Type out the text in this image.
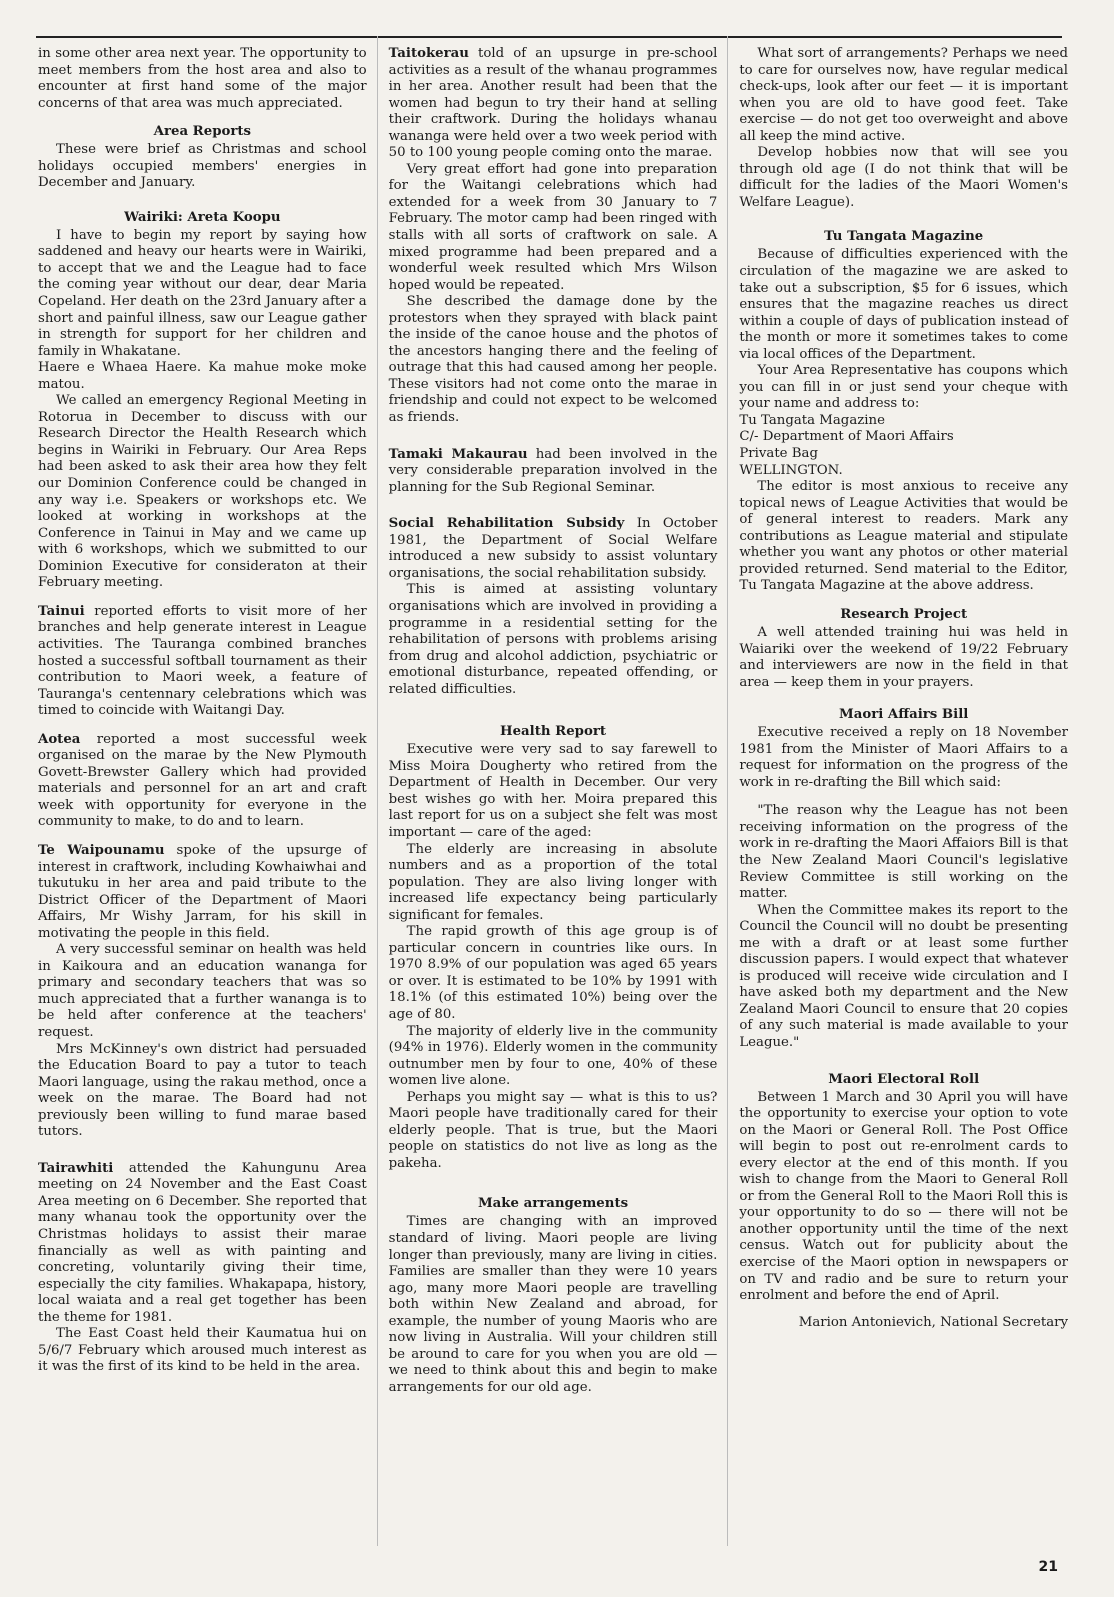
in some other area next year. The opportunity to meet members from the host area and also to encounter at first hand some of the major concerns of that area was much appreciated.

Area Reports

These were brief as Christmas and school holidays occupied members' energies in December and January.

Wairiki: Areta Koopu

I have to begin my report by saying how saddened and heavy our hearts were in Wairiki, to accept that we and the League had to face the coming year without our dear, dear Maria Copeland. Her death on the 23rd January after a short and painful illness, saw our League gather in strength for support for her children and family in Whakatane.

Haere e Whaea Haere. Ka mahue moke moke matou.

We called an emergency Regional Meeting in Rotorua in December to discuss with our Research Director the Health Research which begins in Wairiki in February. Our Area Reps had been asked to ask their area how they felt our Dominion Conference could be changed in any way i.e. Speakers or workshops etc. We looked at working in workshops at the Conference in Tainui in May and we came up with 6 workshops, which we submitted to our Dominion Executive for consideraton at their February meeting.

Tainui reported efforts to visit more of her branches and help generate interest in League activities. The Tauranga combined branches hosted a successful softball tournament as their contribution to Maori week, a feature of Tauranga's centennary celebrations which was timed to coincide with Waitangi Day.

Aotea reported a most successful week organised on the marae by the New Plymouth Govett-Brewster Gallery which had provided materials and personnel for an art and craft week with opportunity for everyone in the community to make, to do and to learn.

Te Waipounamu spoke of the upsurge of interest in craftwork, including Kowhaiwhai and tukutuku in her area and paid tribute to the District Officer of the Department of Maori Affairs, Mr Wishy Jarram, for his skill in motivating the people in this field.

A very successful seminar on health was held in Kaikoura and an education wananga for primary and secondary teachers that was so much appreciated that a further wananga is to be held after conference at the teachers' request.

Mrs McKinney's own district had persuaded the Education Board to pay a tutor to teach Maori language, using the rakau method, once a week on the marae. The Board had not previously been willing to fund marae based tutors.

Tairawhiti attended the Kahungunu Area meeting on 24 November and the East Coast Area meeting on 6 December. She reported that many whanau took the opportunity over the Christmas holidays to assist their marae financially as well as with painting and concreting, voluntarily giving their time, especially the city families. Whakapapa, history, local waiata and a real get together has been the theme for 1981.

The East Coast held their Kaumatua hui on 5/6/7 February which aroused much interest as it was the first of its kind to be held in the area.

Taitokerau told of an upsurge in pre-school activities as a result of the whanau programmes in her area. Another result had been that the women had begun to try their hand at selling their craftwork. During the holidays whanau wananga were held over a two week period with 50 to 100 young people coming onto the marae.

Very great effort had gone into preparation for the Waitangi celebrations which had extended for a week from 30 January to 7 February. The motor camp had been ringed with stalls with all sorts of craftwork on sale. A mixed programme had been prepared and a wonderful week resulted which Mrs Wilson hoped would be repeated.

She described the damage done by the protestors when they sprayed with black paint the inside of the canoe house and the photos of the ancestors hanging there and the feeling of outrage that this had caused among her people. These visitors had not come onto the marae in friendship and could not expect to be welcomed as friends.

Tamaki Makaurau had been involved in the very considerable preparation involved in the planning for the Sub Regional Seminar.

Social Rehabilitation Subsidy In October 1981, the Department of Social Welfare introduced a new subsidy to assist voluntary organisations, the social rehabilitation subsidy.

This is aimed at assisting voluntary organisations which are involved in providing a programme in a residential setting for the rehabilitation of persons with problems arising from drug and alcohol addiction, psychiatric or emotional disturbance, repeated offending, or related difficulties.

Health Report

Executive were very sad to say farewell to Miss Moira Dougherty who retired from the Department of Health in December. Our very best wishes go with her. Moira prepared this last report for us on a subject she felt was most important — care of the aged:

The elderly are increasing in absolute numbers and as a proportion of the total population. They are also living longer with increased life expectancy being particularly significant for females.

The rapid growth of this age group is of particular concern in countries like ours. In 1970 8.9% of our population was aged 65 years or over. It is estimated to be 10% by 1991 with 18.1% (of this estimated 10%) being over the age of 80.

The majority of elderly live in the community (94% in 1976). Elderly women in the community outnumber men by four to one, 40% of these women live alone.

Perhaps you might say — what is this to us? Maori people have traditionally cared for their elderly people. That is true, but the Maori people on statistics do not live as long as the pakeha.

Make arrangements

Times are changing with an improved standard of living. Maori people are living longer than previously, many are living in cities. Families are smaller than they were 10 years ago, many more Maori people are travelling both within New Zealand and abroad, for example, the number of young Maoris who are now living in Australia. Will your children still be around to care for you when you are old — we need to think about this and begin to make arrangements for our old age.

What sort of arrangements? Perhaps we need to care for ourselves now, have regular medical check-ups, look after our feet — it is important when you are old to have good feet. Take exercise — do not get too overweight and above all keep the mind active.

Develop hobbies now that will see you through old age (I do not think that will be difficult for the ladies of the Maori Women's Welfare League).

Tu Tangata Magazine

Because of difficulties experienced with the circulation of the magazine we are asked to take out a subscription, $5 for 6 issues, which ensures that the magazine reaches us direct within a couple of days of publication instead of the month or more it sometimes takes to come via local offices of the Department.

Your Area Representative has coupons which you can fill in or just send your cheque with your name and address to:

Tu Tangata Magazine

C/- Department of Maori Affairs

Private Bag

WELLINGTON.

The editor is most anxious to receive any topical news of League Activities that would be of general interest to readers. Mark any contributions as League material and stipulate whether you want any photos or other material provided returned. Send material to the Editor, Tu Tangata Magazine at the above address.

Research Project

A well attended training hui was held in Waiariki over the weekend of 19/22 February and interviewers are now in the field in that area — keep them in your prayers.

Maori Affairs Bill

Executive received a reply on 18 November 1981 from the Minister of Maori Affairs to a request for information on the progress of the work in re-drafting the Bill which said:

"The reason why the League has not been receiving information on the progress of the work in re-drafting the Maori Affaiors Bill is that the New Zealand Maori Council's legislative Review Committee is still working on the matter.

When the Committee makes its report to the Council the Council will no doubt be presenting me with a draft or at least some further discussion papers. I would expect that whatever is produced will receive wide circulation and I have asked both my department and the New Zealand Maori Council to ensure that 20 copies of any such material is made available to your League."

Maori Electoral Roll

Between 1 March and 30 April you will have the opportunity to exercise your option to vote on the Maori or General Roll. The Post Office will begin to post out re-enrolment cards to every elector at the end of this month. If you wish to change from the Maori to General Roll or from the General Roll to the Maori Roll this is your opportunity to do so — there will not be another opportunity until the time of the next census. Watch out for publicity about the exercise of the Maori option in newspapers or on TV and radio and be sure to return your enrolment and before the end of April.

Marion Antonievich, National Secretary

21
